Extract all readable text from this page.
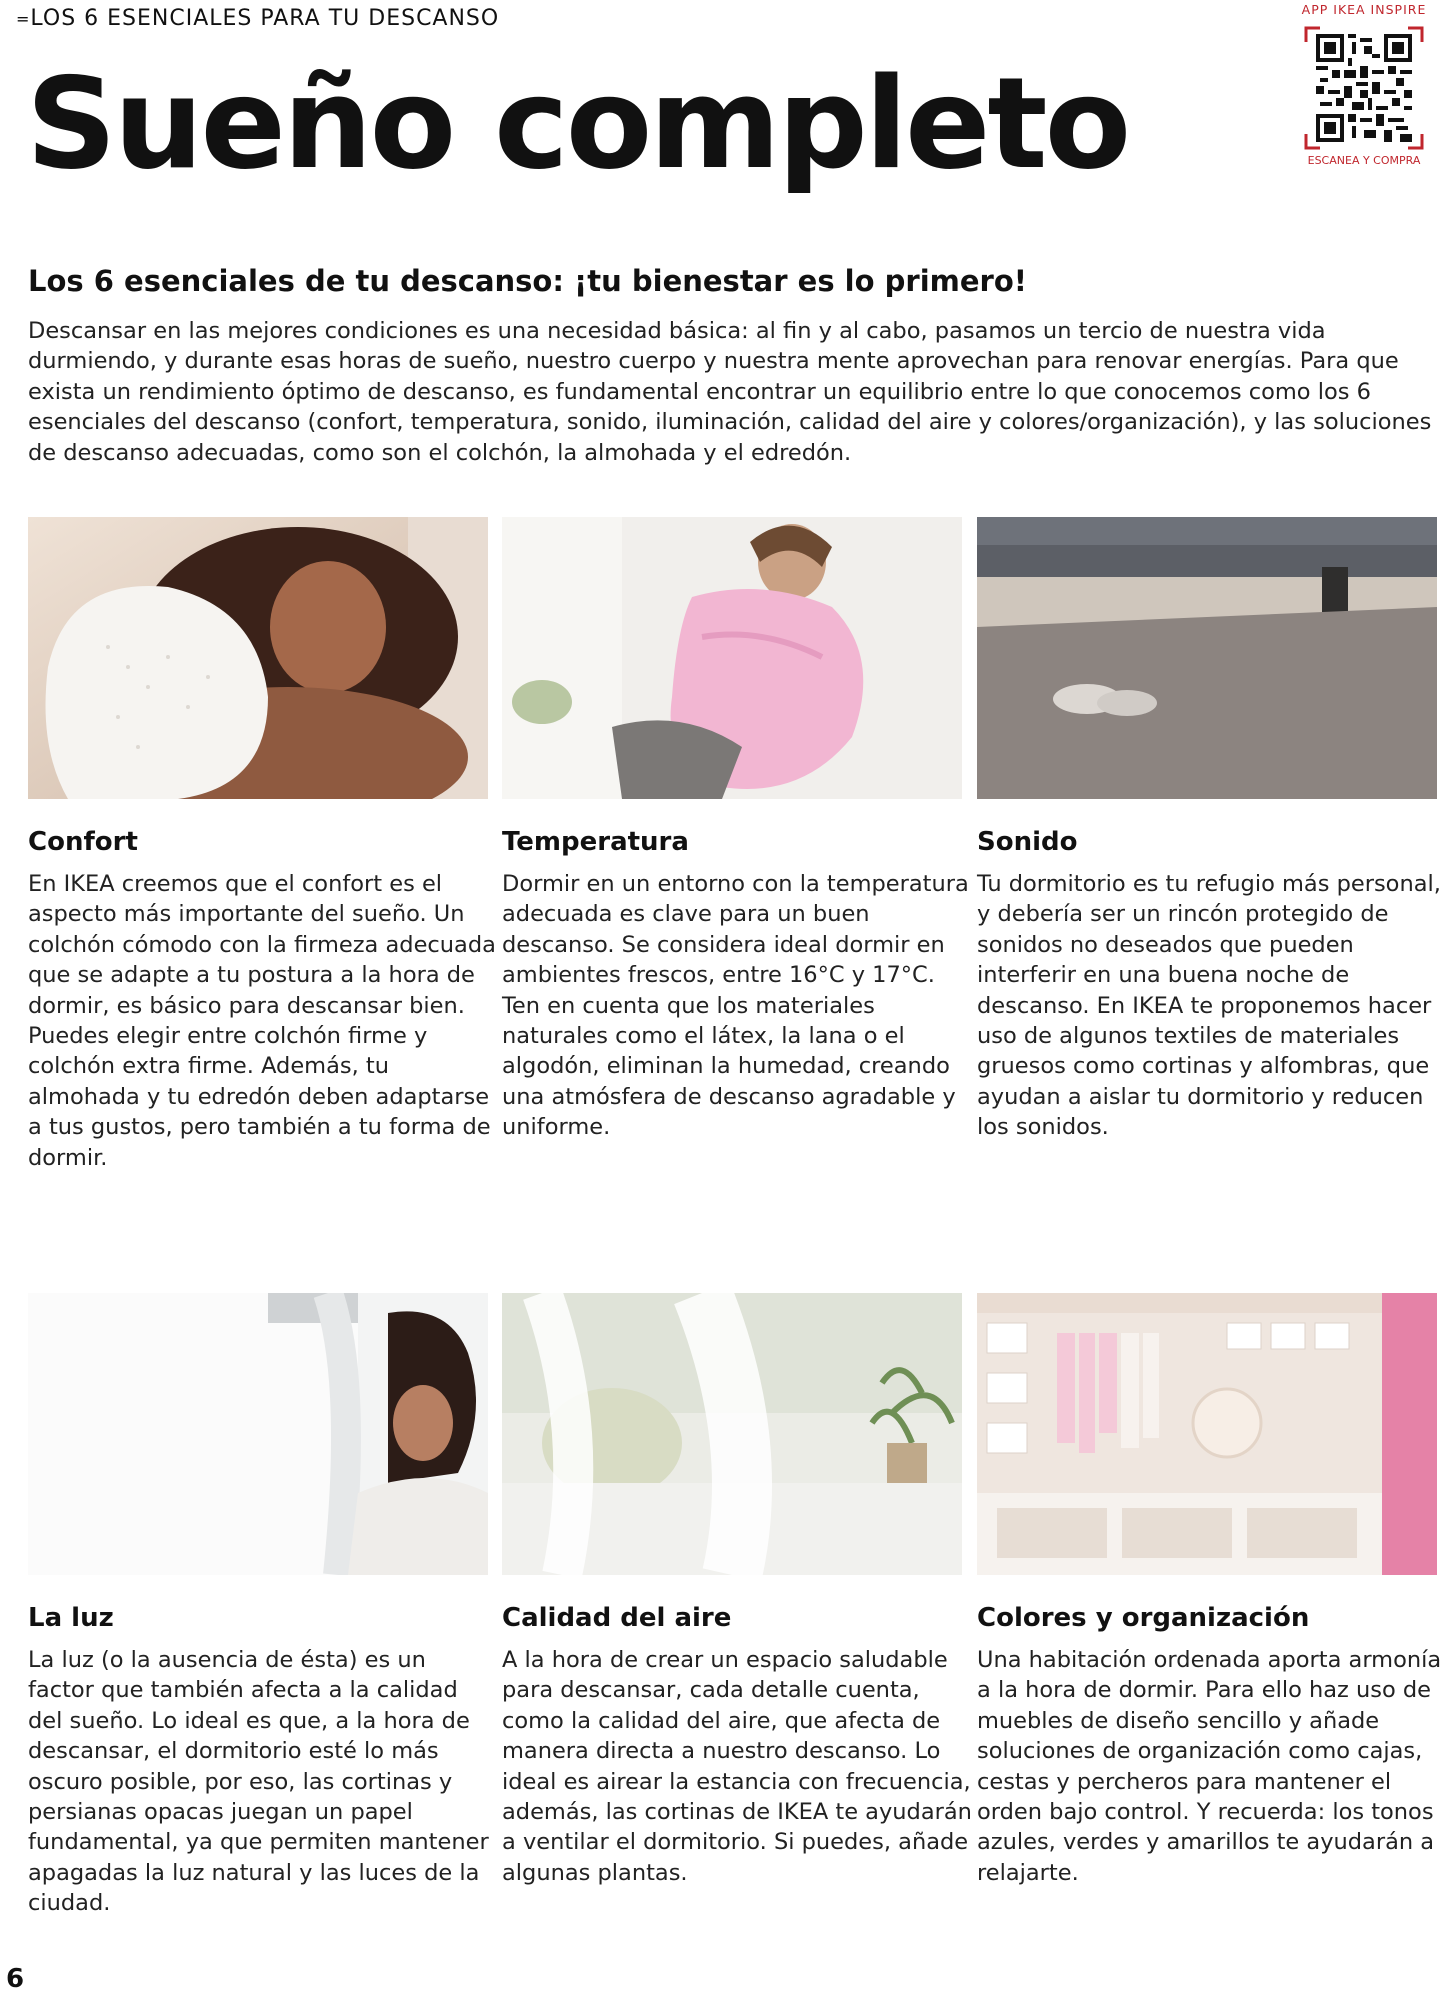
=LOS 6 ESENCIALES PARA TU DESCANSO
Sueño completo
APP IKEA INSPIRE
ESCANEA Y COMPRA
Los 6 esenciales de tu descanso: ¡tu bienestar es lo primero!

Descansar en las mejores condiciones es una necesidad básica: al fin y al cabo, pasamos un tercio de nuestra vida durmiendo, y durante esas horas de sueño, nuestro cuerpo y nuestra mente aprovechan para renovar energías. Para que exista un rendimiento óptimo de descanso, es fundamental encontrar un equilibrio entre lo que conocemos como los 6 esenciales del descanso (confort, temperatura, sonido, iluminación, calidad del aire y colores/organización), y las soluciones de descanso adecuadas, como son el colchón, la almohada y el edredón.

Confort

En IKEA creemos que el confort es el aspecto más importante del sueño. Un colchón cómodo con la firmeza adecuada que se adapte a tu postura a la hora de dormir, es básico para descansar bien. Puedes elegir entre colchón firme y colchón extra firme. Además, tu almohada y tu edredón deben adaptarse a tus gustos, pero también a tu forma de dormir.

Temperatura

Dormir en un entorno con la temperatura adecuada es clave para un buen descanso. Se considera ideal dormir en ambientes frescos, entre 16°C y 17°C. Ten en cuenta que los materiales naturales como el látex, la lana o el algodón, eliminan la humedad, creando una atmósfera de descanso agradable y uniforme.

Sonido

Tu dormitorio es tu refugio más personal, y debería ser un rincón protegido de sonidos no deseados que pueden interferir en una buena noche de descanso. En IKEA te proponemos hacer uso de algunos textiles de materiales gruesos como cortinas y alfombras, que ayudan a aislar tu dormitorio y reducen los sonidos.

La luz

La luz (o la ausencia de ésta) es un factor que también afecta a la calidad del sueño. Lo ideal es que, a la hora de descansar, el dormitorio esté lo más oscuro posible, por eso, las cortinas y persianas opacas juegan un papel fundamental, ya que permiten mantener apagadas la luz natural y las luces de la ciudad.

Calidad del aire

A la hora de crear un espacio saludable para descansar, cada detalle cuenta, como la calidad del aire, que afecta de manera directa a nuestro descanso. Lo ideal es airear la estancia con frecuencia, además, las cortinas de IKEA te ayudarán a ventilar el dormitorio. Si puedes, añade algunas plantas.

Colores y organización

Una habitación ordenada aporta armonía a la hora de dormir. Para ello haz uso de muebles de diseño sencillo y añade soluciones de organización como cajas, cestas y percheros para mantener el orden bajo control. Y recuerda: los tonos azules, verdes y amarillos te ayudarán a relajarte.

6
